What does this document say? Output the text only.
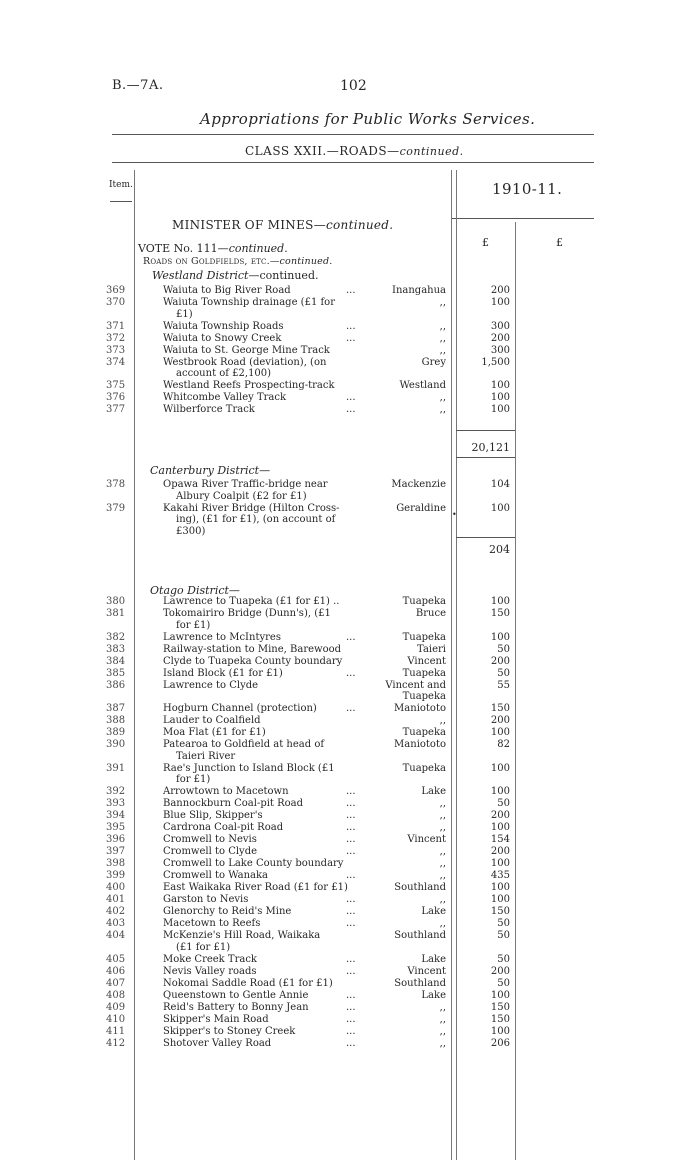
B.—7A.	102
Appropriations for Public Works Services.
CLASS XXII.—ROADS—continued.
Item.	1910-11.
£	£
MINISTER OF MINES—continued.
VOTE No. 111—continued.
Roads on Goldfields, etc.—continued.
Westland District—continued.
369	Waiuta to Big River Road	...	Inangahua	200
370	Waiuta Township drainage (£1 for	,,	100
£1)
371	Waiuta Township Roads	...	,,	300
372	Waiuta to Snowy Creek	...	,,	200
373	Waiuta to St. George Mine Track	,,	300
374	Westbrook Road (deviation), (on	Grey	1,500
account of £2,100)
375	Westland Reefs Prospecting-track	Westland	100
376	Whitcombe Valley Track	...	,,	100
377	Wilberforce Track	...	,,	100
20,121
Canterbury District—
378	Opawa River Traffic-bridge near	Mackenzie	104
Albury Coalpit (£2 for £1)
379	Kakahi River Bridge (Hilton Cross-	Geraldine	100
ing), (£1 for £1), (on account of
£300)
•
204
Otago District—
380	Lawrence to Tuapeka (£1 for £1) ..	Tuapeka	100
381	Tokomairiro Bridge (Dunn's), (£1	Bruce	150
for £1)
382	Lawrence to McIntyres	...	Tuapeka	100
383	Railway-station to Mine, Barewood	Taieri	50
384	Clyde to Tuapeka County boundary	Vincent	200
385	Island Block (£1 for £1)	...	Tuapeka	50
386	Lawrence to Clyde	Vincent and	55
Tuapeka
387	Hogburn Channel (protection)	...	Maniototo	150
388	Lauder to Coalfield	,,	200
389	Moa Flat (£1 for £1)	Tuapeka	100
390	Patearoa to Goldfield at head of	Maniototo	82
Taieri River
391	Rae's Junction to Island Block (£1	Tuapeka	100
for £1)
392	Arrowtown to Macetown	...	Lake	100
393	Bannockburn Coal-pit Road	...	,,	50
394	Blue Slip, Skipper's	...	,,	200
395	Cardrona Coal-pit Road	...	,,	100
396	Cromwell to Nevis	...	Vincent	154
397	Cromwell to Clyde	...	,,	200
398	Cromwell to Lake County boundary	,,	100
399	Cromwell to Wanaka	...	,,	435
400	East Waikaka River Road (£1 for £1)	Southland	100
401	Garston to Nevis	...	,,	100
402	Glenorchy to Reid's Mine	...	Lake	150
403	Macetown to Reefs	...	,,	50
404	McKenzie's Hill Road, Waikaka	Southland	50
(£1 for £1)
405	Moke Creek Track	...	Lake	50
406	Nevis Valley roads	...	Vincent	200
407	Nokomai Saddle Road (£1 for £1)	Southland	50
408	Queenstown to Gentle Annie	...	Lake	100
409	Reid's Battery to Bonny Jean	...	,,	150
410	Skipper's Main Road	...	,,	150
411	Skipper's to Stoney Creek	...	,,	100
412	Shotover Valley Road	...	,,	206
